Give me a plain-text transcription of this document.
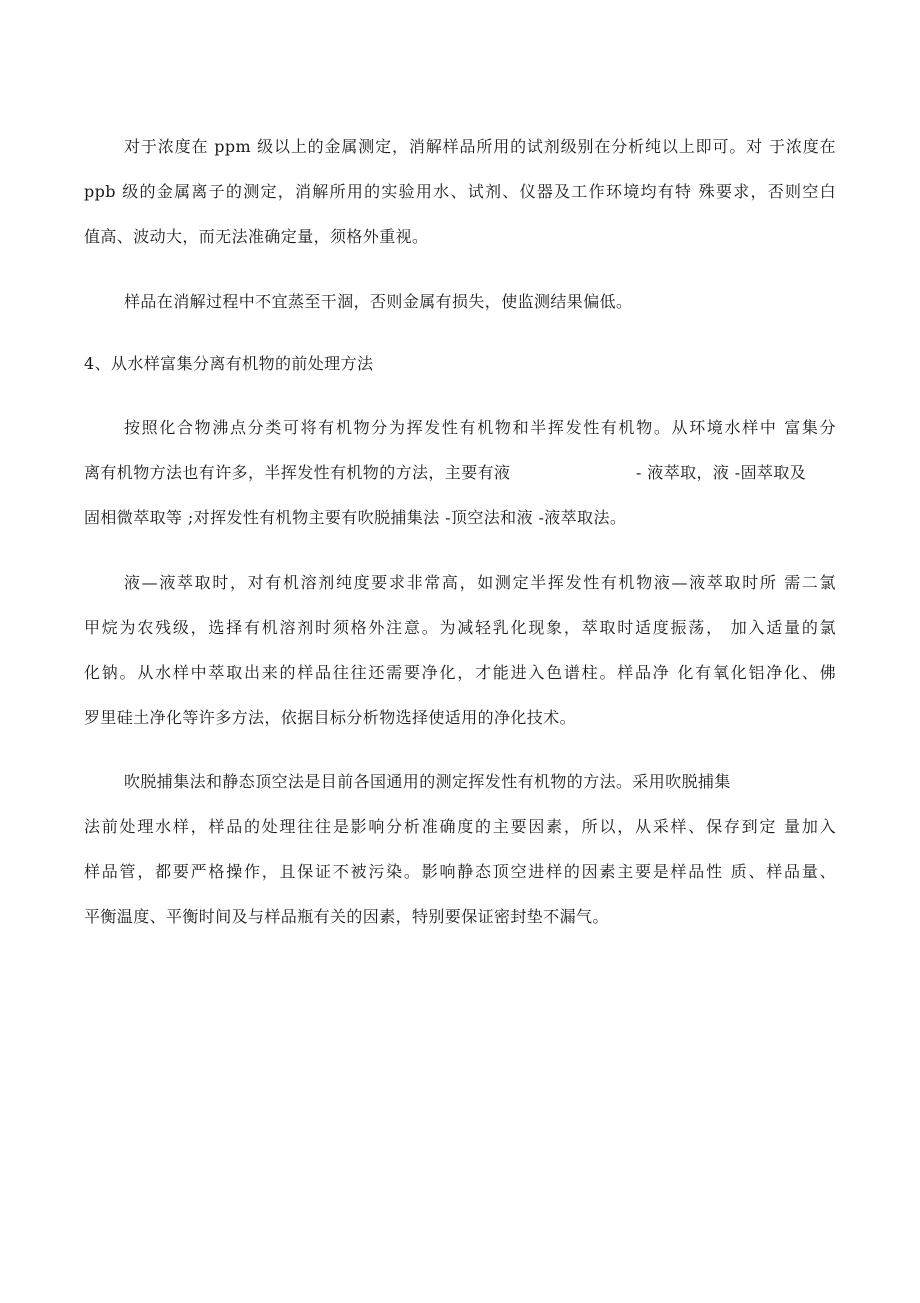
对于浓度在 ppm 级以上的金属测定，消解样品所用的试剂级别在分析纯以上即可。对 于浓度在
ppb 级的金属离子的测定，消解所用的实验用水、试剂、仪器及工作环境均有特 殊要求，否则空白
值高、波动大，而无法准确定量，须格外重视。
样品在消解过程中不宜蒸至干涸，否则金属有损失，使监测结果偏低。
4、从水样富集分离有机物的前处理方法
按照化合物沸点分类可将有机物分为挥发性有机物和半挥发性有机物。从环境水样中 富集分
离有机物方法也有许多，半挥发性有机物的方法，主要有液	- 液萃取，液 -固萃取及
固相微萃取等 ;对挥发性有机物主要有吹脱捕集法 -顶空法和液 -液萃取法。
液—液萃取时，对有机溶剂纯度要求非常高，如测定半挥发性有机物液—液萃取时所 需二氯
甲烷为农残级，选择有机溶剂时须格外注意。为减轻乳化现象，萃取时适度振荡， 加入适量的氯
化钠。从水样中萃取出来的样品往往还需要净化，才能进入色谱柱。样品净 化有氧化铝净化、佛
罗里硅土净化等许多方法，依据目标分析物选择使适用的净化技术。
吹脱捕集法和静态顶空法是目前各国通用的测定挥发性有机物的方法。采用吹脱捕集
法前处理水样，样品的处理往往是影响分析准确度的主要因素，所以，从采样、保存到定 量加入
样品管，都要严格操作，且保证不被污染。影响静态顶空进样的因素主要是样品性 质、样品量、
平衡温度、平衡时间及与样品瓶有关的因素，特别要保证密封垫不漏气。
